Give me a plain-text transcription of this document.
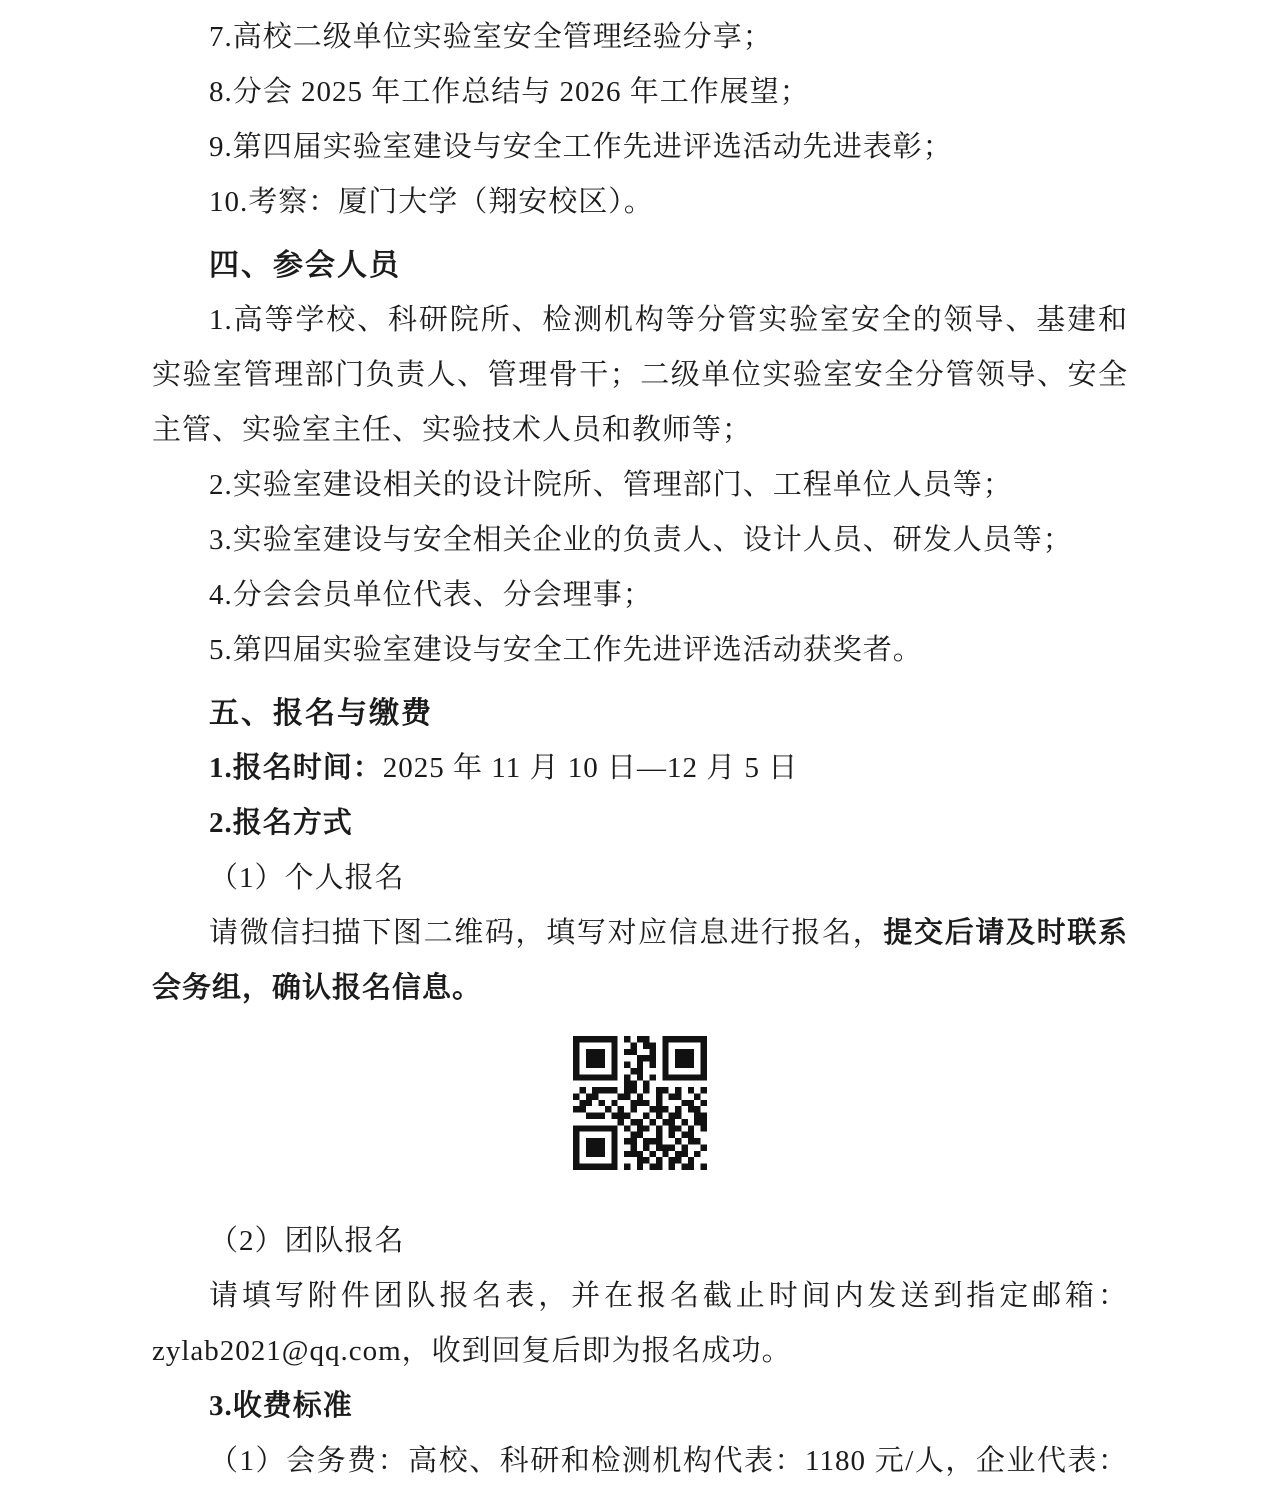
7.高校二级单位实验室安全管理经验分享；
8.分会 2025 年工作总结与 2026 年工作展望；
9.第四届实验室建设与安全工作先进评选活动先进表彰；
10.考察：厦门大学（翔安校区）。
四、参会人员
1.高等学校、科研院所、检测机构等分管实验室安全的领导、基建和
实验室管理部门负责人、管理骨干；二级单位实验室安全分管领导、安全
主管、实验室主任、实验技术人员和教师等；
2.实验室建设相关的设计院所、管理部门、工程单位人员等；
3.实验室建设与安全相关企业的负责人、设计人员、研发人员等；
4.分会会员单位代表、分会理事；
5.第四届实验室建设与安全工作先进评选活动获奖者。
五、报名与缴费
1.报名时间：2025 年 11 月 10 日—12 月 5 日
2.报名方式
（1）个人报名
请微信扫描下图二维码，填写对应信息进行报名，提交后请及时联系
会务组，确认报名信息。
（2）团队报名
请填写附件团队报名表，并在报名截止时间内发送到指定邮箱：
zylab2021@qq.com，收到回复后即为报名成功。
3.收费标准
（1）会务费：高校、科研和检测机构代表：1180 元/人，企业代表：
